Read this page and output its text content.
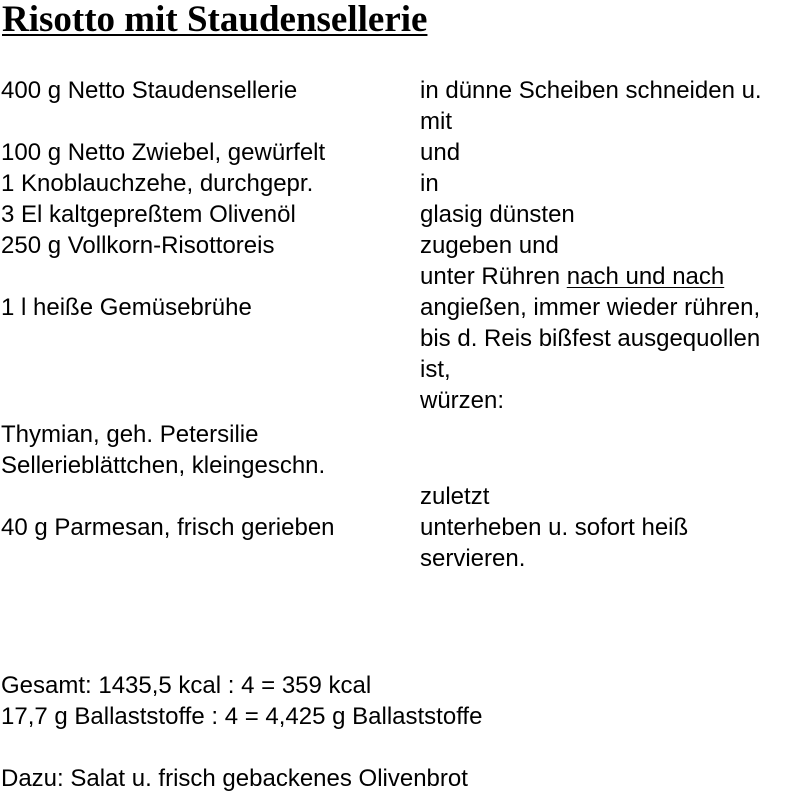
Risotto mit Staudensellerie
400 g Netto Staudensellerie
100 g Netto Zwiebel, gewürfelt
1 Knoblauchzehe, durchgepr.
3 El kaltgepreßtem Olivenöl
250 g Vollkorn-Risottoreis
1 l heiße Gemüsebrühe
Thymian, geh. Petersilie
Sellerieblättchen, kleingeschn.
40 g Parmesan, frisch gerieben
in dünne Scheiben schneiden u.
mit
und
in
glasig dünsten
zugeben und
unter Rühren nach und nach
angießen, immer wieder rühren,
bis d. Reis bißfest ausgequollen
ist,
würzen:
zuletzt
unterheben u. sofort heiß
servieren.
Gesamt: 1435,5 kcal : 4 = 359 kcal
17,7 g Ballaststoffe : 4 = 4,425 g Ballaststoffe
Dazu: Salat u. frisch gebackenes Olivenbrot
